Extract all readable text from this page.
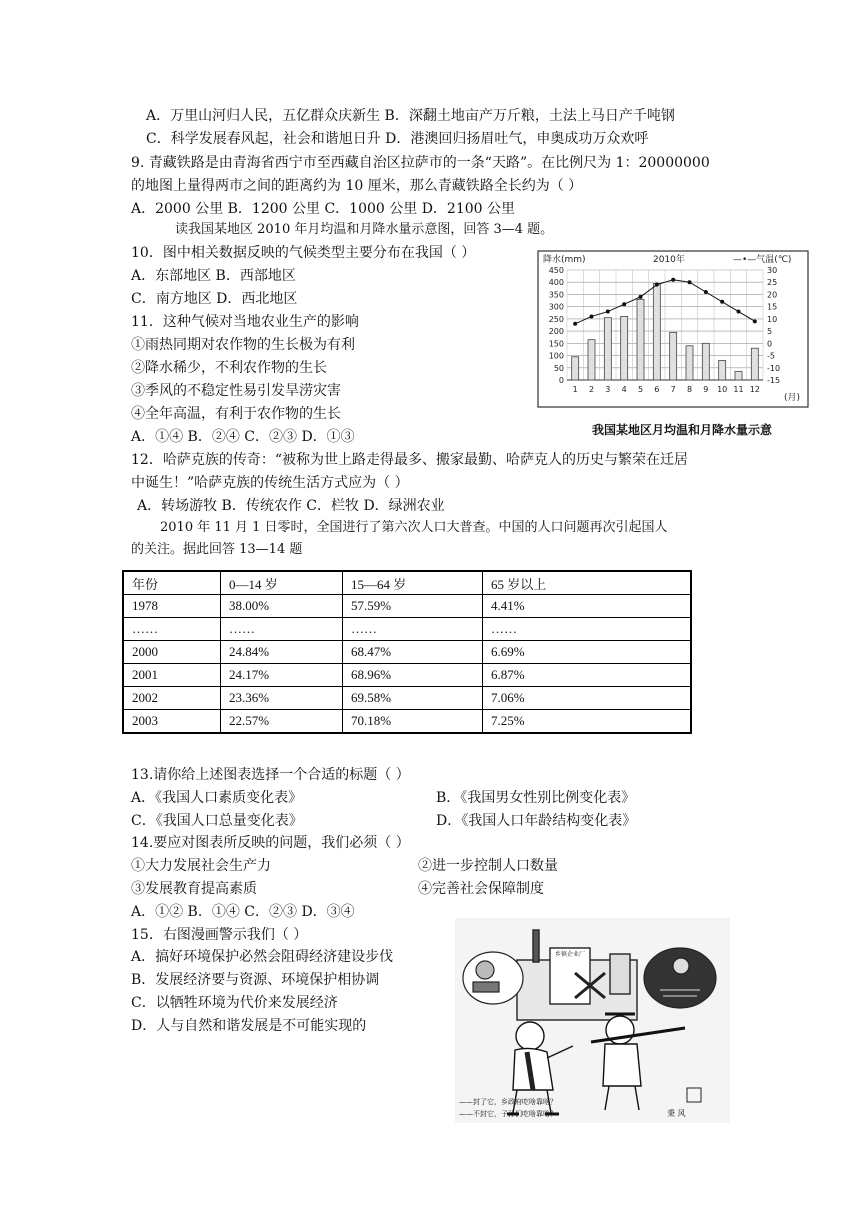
A．万里山河归人民，五亿群众庆新生 B．深翻土地亩产万斤粮，土法上马日产千吨钢
C．科学发展春风起，社会和谐旭日升 D．港澳回归扬眉吐气，申奥成功万众欢呼
9. 青藏铁路是由青海省西宁市至西藏自治区拉萨市的一条“天路”。在比例尺为 1：20000000
的地图上量得两市之间的距离约为 10 厘米，那么青藏铁路全长约为（ ）
A．2000 公里 B．1200 公里 C．1000 公里 D．2100 公里
读我国某地区 2010 年月均温和月降水量示意图，回答 3—4 题。
10．图中相关数据反映的气候类型主要分布在我国（ ）
A．东部地区 B．西部地区
C．南方地区 D．西北地区
11．这种气候对当地农业生产的影响
①雨热同期对农作物的生长极为有利
②降水稀少，不利农作物的生长
③季风的不稳定性易引发旱涝灾害
④全年高温，有利于农作物的生长
A．①④ B．②④ C．②③ D．①③
12．哈萨克族的传奇：“被称为世上路走得最多、搬家最勤、哈萨克人的历史与繁荣在迁居
中诞生！”哈萨克族的传统生活方式应为（ ）
A．转场游牧 B．传统农作 C．栏牧 D．绿洲农业
2010 年 11 月 1 日零时，全国进行了第六次人口大普查。中国的人口问题再次引起国人
的关注。据此回答 13—14 题
年份	0—14 岁	15—64 岁	65 岁以上
1978	38.00%	57.59%	4.41%
……	……	……	……
2000	24.84%	68.47%	6.69%
2001	24.17%	68.96%	6.87%
2002	23.36%	69.58%	7.06%
2003	22.57%	70.18%	7.25%
13.请你给上述图表选择一个合适的标题（ ）
A．《我国人口素质变化表》	B．《我国男女性别比例变化表》
C．《我国人口总量变化表》	D．《我国人口年龄结构变化表》
14.要应对图表所反映的问题，我们必须（ ）
①大力发展社会生产力	②进一步控制人口数量
③发展教育提高素质	④完善社会保障制度
A．①② B．①④ C．②③ D．③④
15．右图漫画警示我们（ ）
A．搞好环境保护必然会阻碍经济建设步伐
B．发展经济要与资源、环境保护相协调
C．以牺牲环境为代价来发展经济
D．人与自然和谐发展是不可能实现的
0
50
100
150
200
250
300
350
400
450
-15
-10
-5
0
5
10
15
20
25
30
1 2 3 4 5 6 7 8 9 10 11 12
降水(mm)	2010年	—•—气温(℃)
(月)
我国某地区月均温和月降水量示意
乡镇企业厂
——封了它，乡政府吃啥靠啥？
——不封它，子孙们吃啥靠啥？	秉 风
